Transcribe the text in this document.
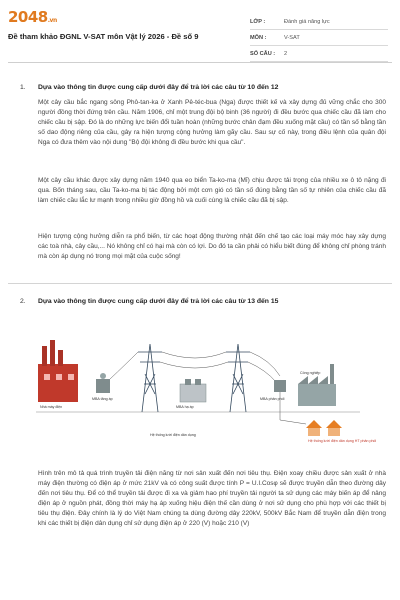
2048.vn
Đề tham khảo ĐGNL V-SAT môn Vật lý 2026 - Đề số 9
LỚP :	Đánh giá năng lực
MÔN :	V-SAT
SỐ CÂU :	2
1. Dựa vào thông tin được cung cấp dưới đây để trả lời các câu từ 10 đến 12

Một cây cầu bắc ngang sông Phô-tan-ka ở Xanh Pê-téc-bua (Nga) được thiết kế và xây dựng đủ vững chắc cho 300 người đồng thời đứng trên cầu. Năm 1906, chỉ một trung đội bộ binh (36 người) đi đều bước qua chiếc cầu đã làm cho chiếc cầu bị sập. Đó là do những lực biến đổi tuần hoàn (những bước chân đạm đều xuống mặt cầu) có tần số bằng tần số dao động riêng của cầu, gây ra hiện tượng cộng hưởng làm gãy cầu. Sau sự cố này, trong điều lệnh của quân đội Nga có đưa thêm vào nội dung "Bộ đội không đi đều bước khi qua cầu".

Một cây cầu khác được xây dựng năm 1940 qua eo biển Ta-ko-ma (Mĩ) chịu được tải trọng của nhiều xe ô tô nặng đi qua. Bốn tháng sau, cầu Ta-ko-ma bị tác động bởi một cơn gió có tần số đúng bằng tần số tự nhiên của chiếc cầu đã làm chiếc cầu lắc lư mạnh trong nhiều giờ đồng hồ và cuối cùng là chiếc cầu đã bị sập.

Hiện tượng cộng hưởng diễn ra phổ biến, từ các hoạt động thường nhật đến chế tạo các loại máy móc hay xây dựng các toà nhà, cây cầu,... Nó không chỉ có hại mà còn có lợi. Do đó ta cần phải có hiểu biết đúng để không chỉ phòng tránh mà còn áp dụng nó trong mọi mặt của cuộc sống!

2. Dựa vào thông tin được cung cấp dưới đây để trả lời các câu từ 13 đến 15
Nhà máy điện
MBA tăng áp
MBA hạ áp
MBA phân phối
Công nghiệp
Hệ thống lưới điện dân dụng
Hệ thống lưới điện dân dụng HT phân phối

Hình trên mô tả quá trình truyền tải điện năng từ nơi sản xuất đến nơi tiêu thụ. Điện xoay chiều được sản xuất ở nhà máy điện thường có điện áp ở mức 21kV và có công suất được tính P = U.I.Cosφ sẽ được truyền dẫn theo đường dây đến nơi tiêu thụ. Để có thể truyền tải được đi xa và giảm hao phí truyền tải người ta sử dụng các máy biến áp để nâng điện áp ở nguồn phát, đồng thời máy hạ áp xuống hiệu điện thế cần dùng ở nơi sử dụng cho phù hợp với các thiết bị tiêu thụ điện. Đây chính là lý do Việt Nam chúng ta dùng đường dây 220kV, 500kV Bắc Nam để truyền dẫn điện trong khi các thiết bị điện dân dụng chỉ sử dụng điện áp ở 220 (V) hoặc 210 (V)
